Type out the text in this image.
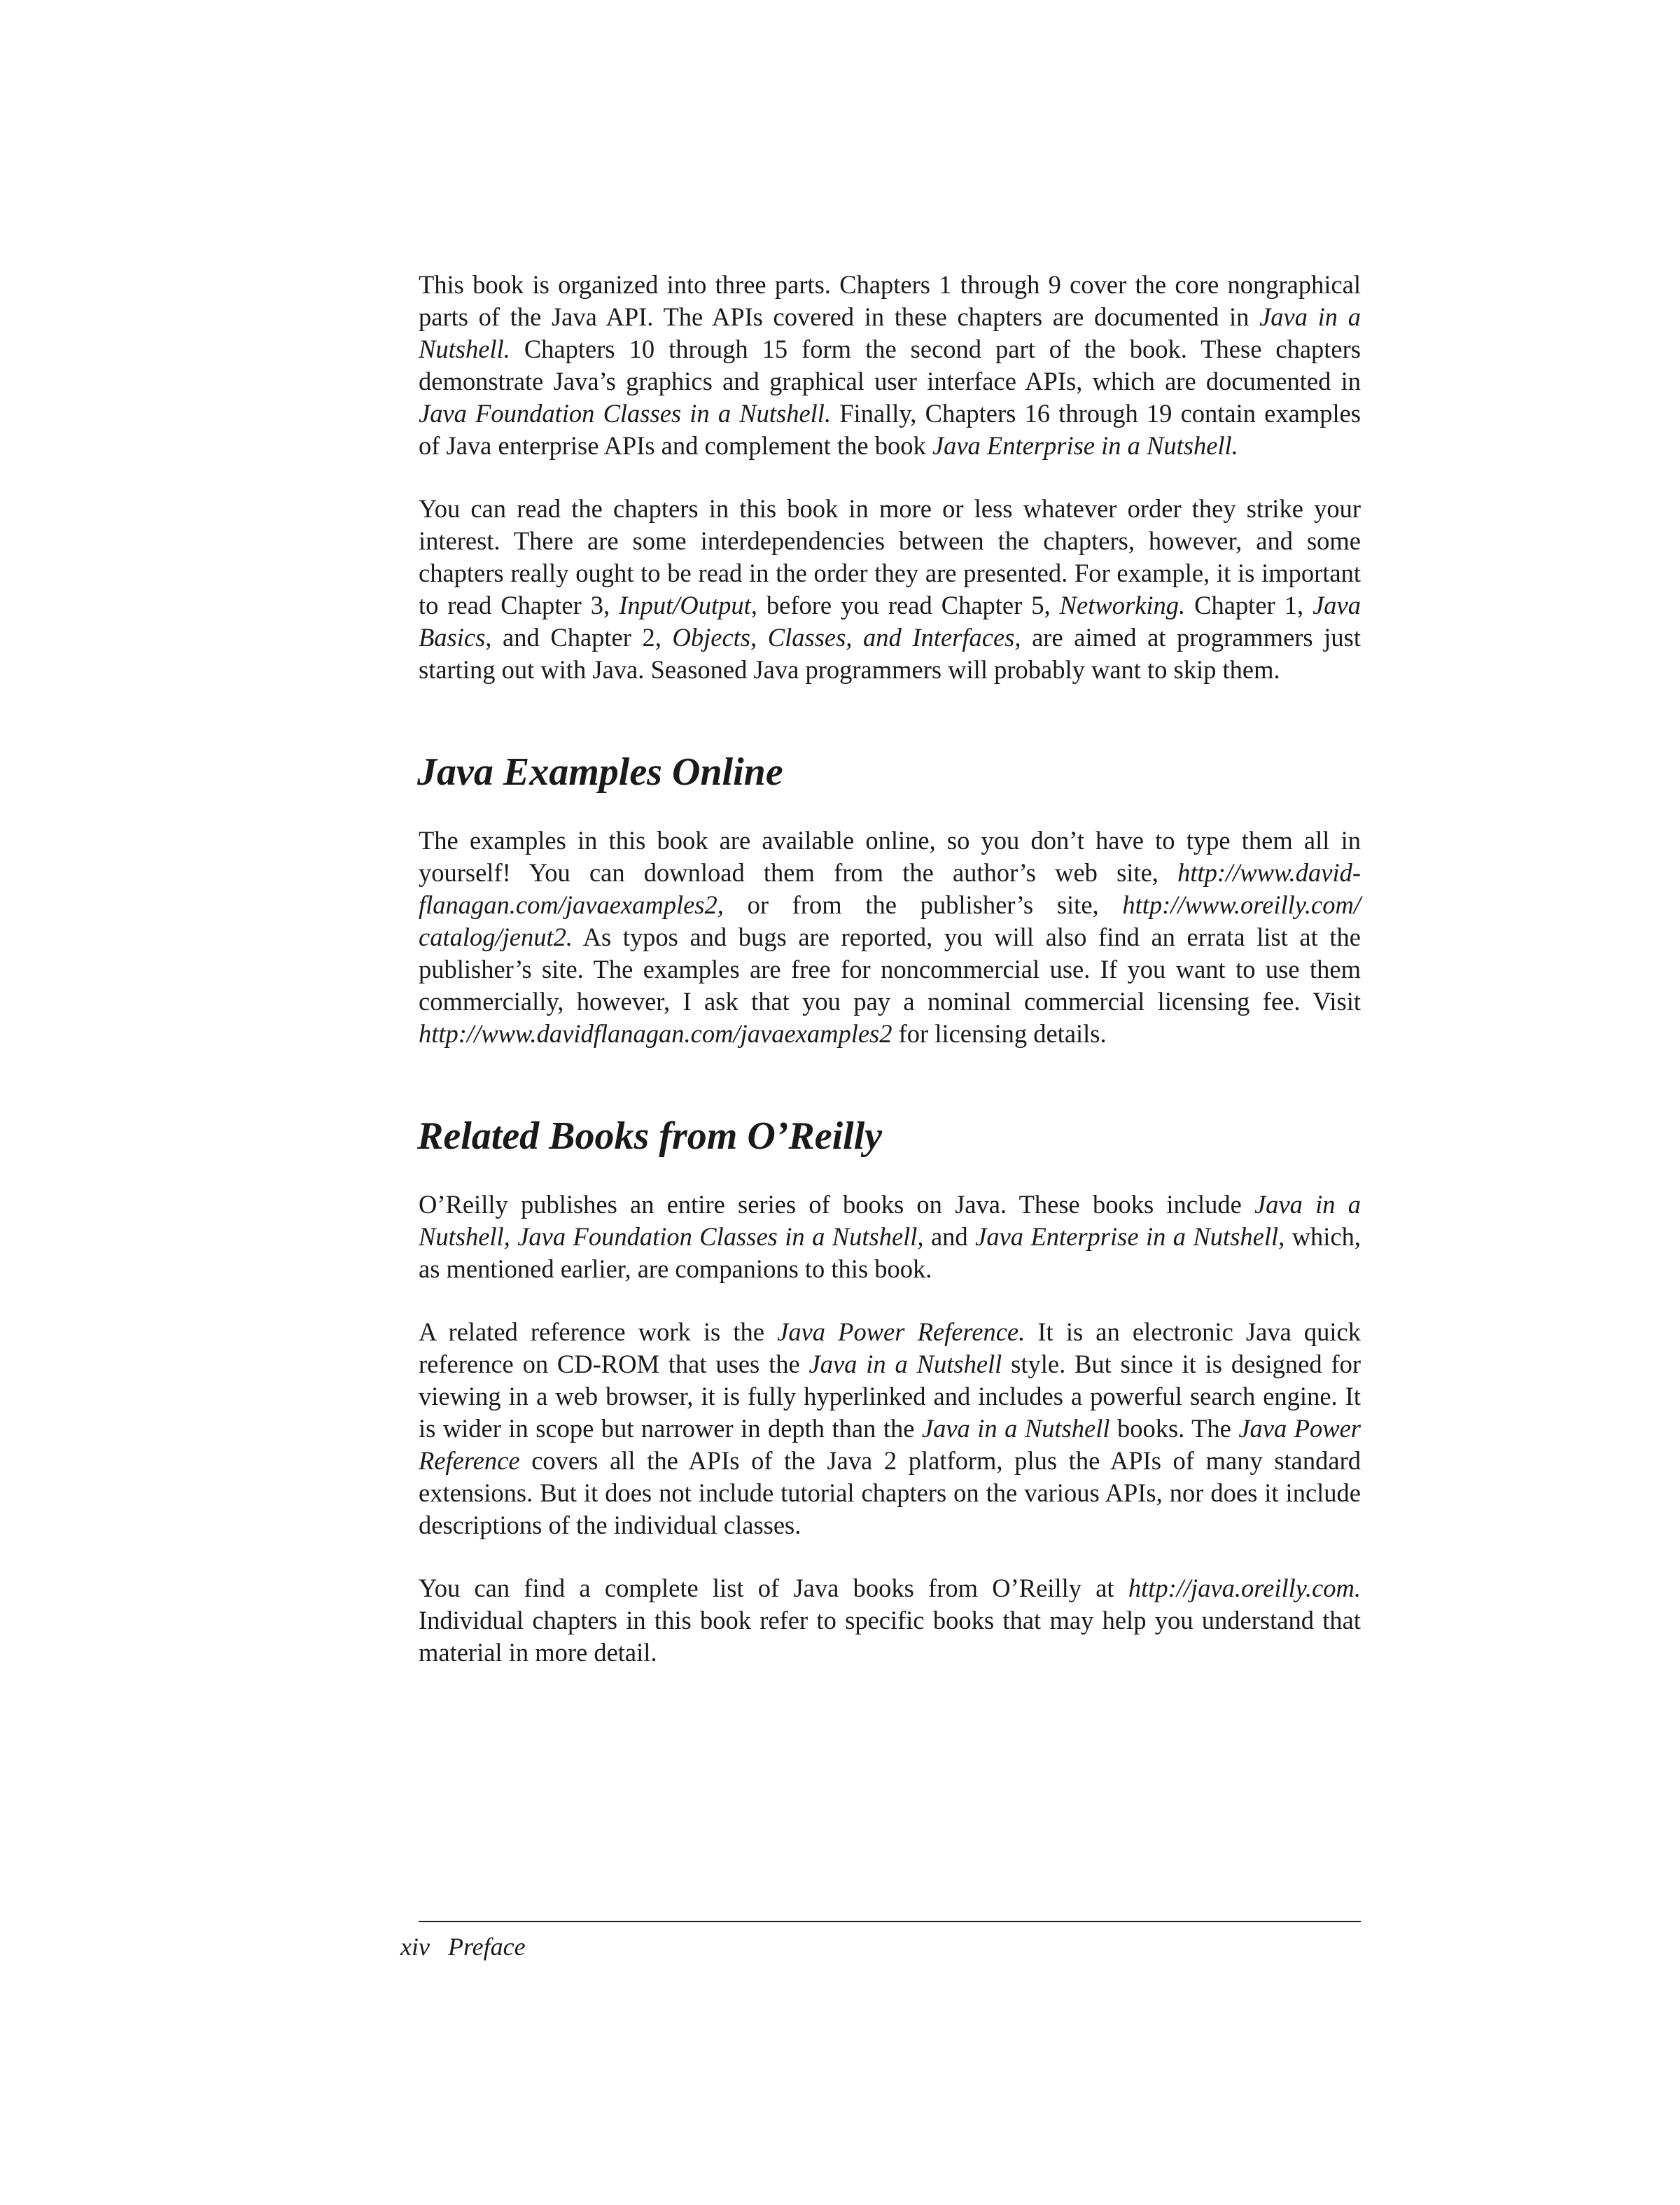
This book is organized into three parts. Chapters 1 through 9 cover the core nongraphical parts of the Java API. The APIs covered in these chapters are documented in Java in a Nutshell. Chapters 10 through 15 form the second part of the book. These chapters demonstrate Java’s graphics and graphical user interface APIs, which are documented in Java Foundation Classes in a Nutshell. Finally, Chapters 16 through 19 contain examples of Java enterprise APIs and complement the book Java Enterprise in a Nutshell.

You can read the chapters in this book in more or less whatever order they strike your interest. There are some interdependencies between the chapters, however, and some chapters really ought to be read in the order they are presented. For example, it is important to read Chapter 3, Input/Output, before you read Chapter 5, Networking. Chapter 1, Java Basics, and Chapter 2, Objects, Classes, and Interfaces, are aimed at programmers just starting out with Java. Seasoned Java programmers will probably want to skip them.

Java Examples Online

The examples in this book are available online, so you don’t have to type them all in yourself! You can download them from the author’s web site, http://www.davidflanagan.com/javaexamples2, or from the publisher’s site, http://www.oreilly.com/​catalog/jenut2. As typos and bugs are reported, you will also find an errata list at the publisher’s site. The examples are free for noncommercial use. If you want to use them commercially, however, I ask that you pay a nominal commercial licensing fee. Visit http://www.davidflanagan.com/javaexamples2 for licensing details.

Related Books from O’Reilly

O’Reilly publishes an entire series of books on Java. These books include Java in a Nutshell, Java Foundation Classes in a Nutshell, and Java Enterprise in a Nutshell, which, as mentioned earlier, are companions to this book.

A related reference work is the Java Power Reference. It is an electronic Java quick reference on CD-ROM that uses the Java in a Nutshell style. But since it is designed for viewing in a web browser, it is fully hyperlinked and includes a powerful search engine. It is wider in scope but narrower in depth than the Java in a Nutshell books. The Java Power Reference covers all the APIs of the Java 2 platform, plus the APIs of many standard extensions. But it does not include tutorial chapters on the various APIs, nor does it include descriptions of the individual classes.

You can find a complete list of Java books from O’Reilly at http://java.oreilly.com. Individual chapters in this book refer to specific books that may help you understand that material in more detail.

xiv Preface
